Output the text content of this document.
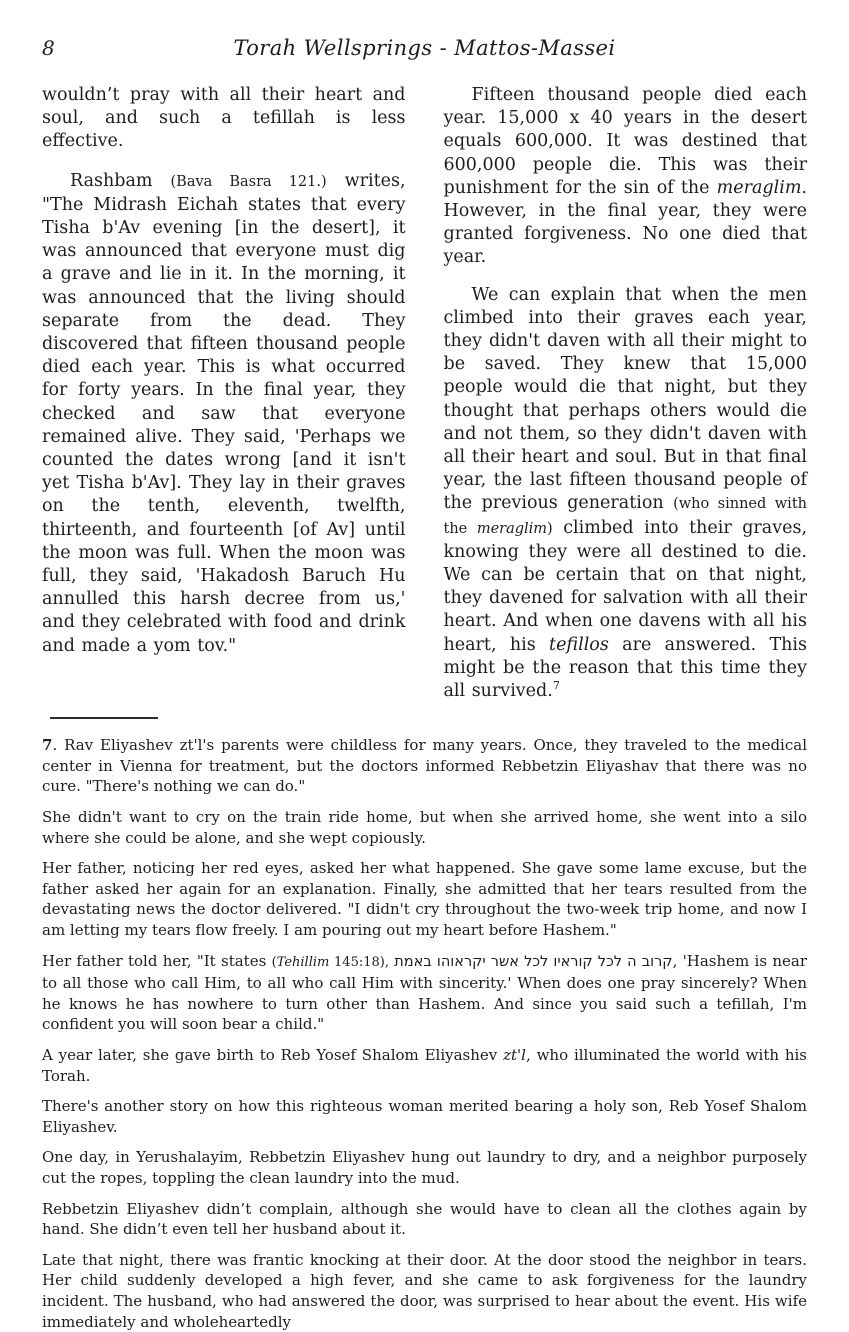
8	Torah Wellsprings - Mattos-Massei

wouldn’t pray with all their heart and soul, and such a tefillah is less effective.

Rashbam (Bava Basra 121.) writes, "The Midrash Eichah states that every Tisha b'Av evening [in the desert], it was announced that everyone must dig a grave and lie in it. In the morning, it was announced that the living should separate from the dead. They discovered that fifteen thousand people died each year. This is what occurred for forty years. In the final year, they checked and saw that everyone remained alive. They said, 'Perhaps we counted the dates wrong [and it isn't yet Tisha b'Av]. They lay in their graves on the tenth, eleventh, twelfth, thirteenth, and fourteenth [of Av] until the moon was full. When the moon was full, they said, 'Hakadosh Baruch Hu annulled this harsh decree from us,' and they celebrated with food and drink and made a yom tov."

Fifteen thousand people died each year. 15,000 x 40 years in the desert equals 600,000. It was destined that 600,000 people die. This was their punishment for the sin of the meraglim. However, in the final year, they were granted forgiveness. No one died that year.

We can explain that when the men climbed into their graves each year, they didn't daven with all their might to be saved. They knew that 15,000 people would die that night, but they thought that perhaps others would die and not them, so they didn't daven with all their heart and soul. But in that final year, the last fifteen thousand people of the previous generation (who sinned with the meraglim) climbed into their graves, knowing they were all destined to die. We can be certain that on that night, they davened for salvation with all their heart. And when one davens with all his heart, his tefillos are answered. This might be the reason that this time they all survived.$^7$

7. Rav Eliyashev zt'l's parents were childless for many years. Once, they traveled to the medical center in Vienna for treatment, but the doctors informed Rebbetzin Eliyashav that there was no cure. "There's nothing we can do."

She didn't want to cry on the train ride home, but when she arrived home, she went into a silo where she could be alone, and she wept copiously.

Her father, noticing her red eyes, asked her what happened. She gave some lame excuse, but the father asked her again for an explanation. Finally, she admitted that her tears resulted from the devastating news the doctor delivered. "I didn't cry throughout the two-week trip home, and now I am letting my tears flow freely. I am pouring out my heart before Hashem."

Her father told her, "It states (Tehillim 145:18), קרוב ה לכל קוראיו לכל אשר יקראוהו באמת, 'Hashem is near to all those who call Him, to all who call Him with sincerity.' When does one pray sincerely? When he knows he has nowhere to turn other than Hashem. And since you said such a tefillah, I'm confident you will soon bear a child."

A year later, she gave birth to Reb Yosef Shalom Eliyashev zt'l, who illuminated the world with his Torah.

There's another story on how this righteous woman merited bearing a holy son, Reb Yosef Shalom Eliyashev.

One day, in Yerushalayim, Rebbetzin Eliyashev hung out laundry to dry, and a neighbor purposely cut the ropes, toppling the clean laundry into the mud.

Rebbetzin Eliyashev didn’t complain, although she would have to clean all the clothes again by hand. She didn’t even tell her husband about it.

Late that night, there was frantic knocking at their door. At the door stood the neighbor in tears. Her child suddenly developed a high fever, and she came to ask forgiveness for the laundry incident. The husband, who had answered the door, was surprised to hear about the event. His wife immediately and wholeheartedly
